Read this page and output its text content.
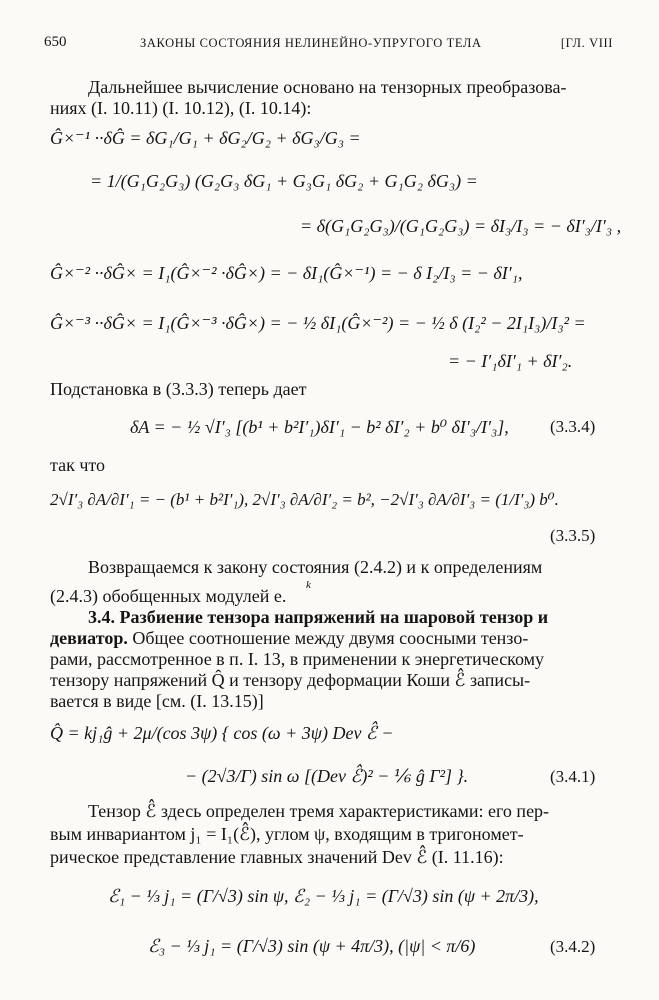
650	ЗАКОНЫ СОСТОЯНИЯ НЕЛИНЕЙНО-УПРУГОГО ТЕЛА	[ГЛ. VIII
Дальнейшее вычисление основано на тензорных преобразова-
ниях (I. 10.11) (I. 10.12), (I. 10.14):
Ĝ×⁻¹ ··δĜ = δG₁/G₁ + δG₂/G₂ + δG₃/G₃ =
= 1/(G₁G₂G₃) (G₂G₃ δG₁ + G₃G₁ δG₂ + G₁G₂ δG₃) =
= δ(G₁G₂G₃)/(G₁G₂G₃) = δI₃/I₃ = − δI′₃/I′₃ ,
Ĝ×⁻² ··δĜ× = I₁(Ĝ×⁻² ·δĜ×) = − δI₁(Ĝ×⁻¹) = − δ I₂/I₃ = − δI′₁,
Ĝ×⁻³ ··δĜ× = I₁(Ĝ×⁻³ ·δĜ×) = − ½ δI₁(Ĝ×⁻²) = − ½ δ (I₂² − 2I₁I₃)/I₃² =
= − I′₁δI′₁ + δI′₂.
Подстановка в (3.3.3) теперь дает
δA = − ½ √I′₃ [(b¹ + b²I′₁)δI′₁ − b² δI′₂ + b⁰ δI′₃/I′₃], (3.3.4)
так что
2√I′₃ ∂A/∂I′₁ = − (b¹ + b²I′₁), 2√I′₃ ∂A/∂I′₂ = b², −2√I′₃ ∂A/∂I′₃ = (1/I′₃) b⁰.
(3.3.5)
Возвращаемся к закону состояния (2.4.2) и к определениям
k
(2.4.3) обобщенных модулей e.
3.4. Разбиение тензора напряжений на шаровой тензор и
девиатор. Общее соотношение между двумя соосными тензо-
рами, рассмотренное в п. I. 13, в применении к энергетическому
тензору напряжений Q̂ и тензору деформации Коши ℰ̂ записы-
вается в виде [см. (I. 13.15)]
Q̂ = kj₁ĝ + 2μ/(cos 3ψ) { cos (ω + 3ψ) Dev ℰ̂ −
− (2√3/Γ) sin ω [(Dev ℰ̂)² − ⅙ ĝ Γ²] }.	(3.4.1)
Тензор ℰ̂ здесь определен тремя характеристиками: его пер-
вым инвариантом j₁ = I₁(ℰ̂), углом ψ, входящим в тригономет-
рическое представление главных значений Dev ℰ̂ (I. 11.16):
ℰ₁ − ⅓ j₁ = (Γ/√3) sin ψ, ℰ₂ − ⅓ j₁ = (Γ/√3) sin (ψ + 2π/3),
ℰ₃ − ⅓ j₁ = (Γ/√3) sin (ψ + 4π/3), (|ψ| < π/6)	(3.4.2)
